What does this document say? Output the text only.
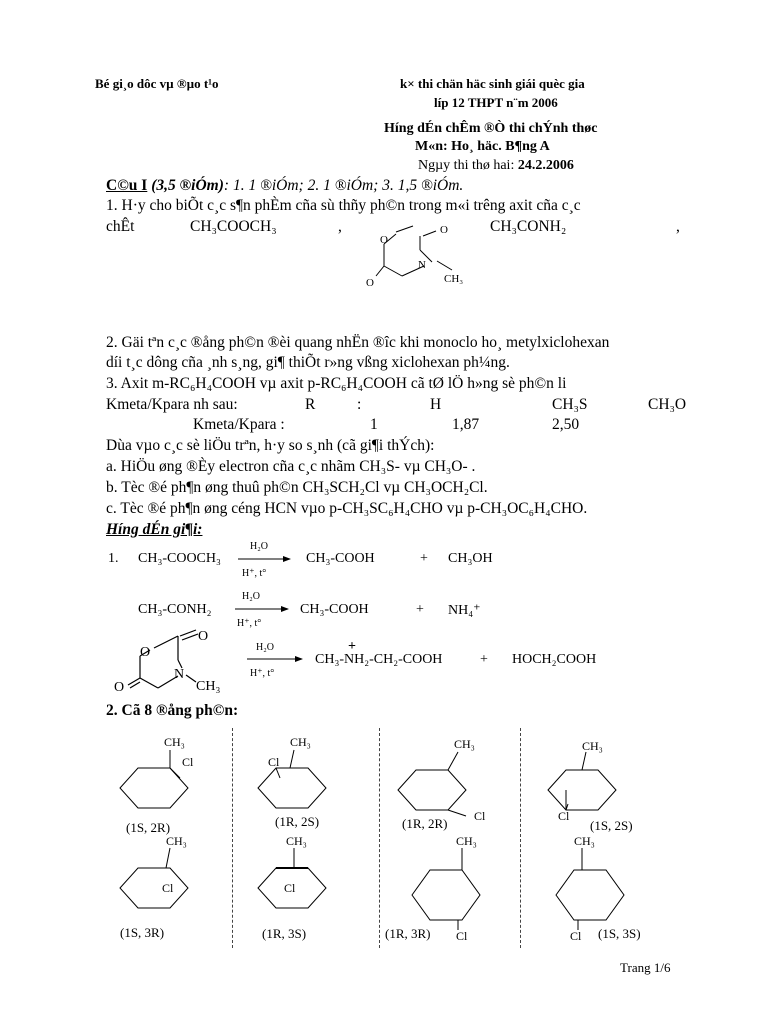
Bé gi¸o dôc vµ ®µo t¹o	k× thi chän häc sinh giái quèc gia
líp 12 THPT n¨m 2006
Híng dÉn chÊm ®Ò thi chÝnh thøc
M«n: Ho¸ häc. B¶ng A
Ngµy thi thø hai: 24.2.2006
C©u I (3,5 ®iÓm): 1. 1 ®iÓm; 2. 1 ®iÓm; 3. 1,5 ®iÓm.
1. H·y cho biÕt c¸c s¶n phÈm cña sù thñy ph©n trong m«i trêng axit cña c¸c
chÊt	CH₃COOCH₃	,	CH₃CONH₂	,
O
O
N
CH₃
O
2. Gäi tªn c¸c ®ång ph©n ®èi quang nhËn ®îc khi monoclo ho¸ metylxiclohexan
díi t¸c dông cña ¸nh s¸ng, gi¶ thiÕt r»ng vßng xiclohexan ph¼ng.
3. Axit m-RC₆H₄COOH vµ axit p-RC₆H₄COOH cã tØ lÖ h»ng sè ph©n li
Kmeta/Kpara nh sau:	R	:	H	CH₃S	CH₃O
Kmeta/Kpara :	1	1,87	2,50
Dùa vµo c¸c sè liÖu trªn, h·y so s¸nh (cã gi¶i thÝch):
a. HiÖu øng ®Èy electron cña c¸c nhãm CH₃S- vµ CH₃O- .
b. Tèc ®é ph¶n øng thuû ph©n CH₃SCH₂Cl vµ CH₃OCH₂Cl.
c. Tèc ®é ph¶n øng céng HCN vµo p-CH₃SC₆H₄CHO vµ p-CH₃OC₆H₄CHO.
Híng dÉn gi¶i:
1. CH₃-COOCH₃
H₂O
H⁺, t°
CH₃-COOH	+ CH₃OH
CH₃-CONH₂
H₂O
H⁺, t°
CH₃-COOH	+ NH₄⁺
H₂O
H⁺, t°
CH₃-NH₂-CH₂-COOH	+ HOCH₂COOH
O
O
N
CH₃
O
+
2. Cã 8 ®ång ph©n:
CH₃
Cl
CH₃
Cl
CH₃
Cl
CH₃
Cl
CH₃
Cl
CH₃
Cl
CH₃
Cl
CH₃
Cl
(1S, 2R)	(1R, 2S)	(1R, 2R)	(1S, 2S)
(1S, 3R)	(1R, 3S)	(1R, 3R)	(1S, 3S)
Trang 1/6
